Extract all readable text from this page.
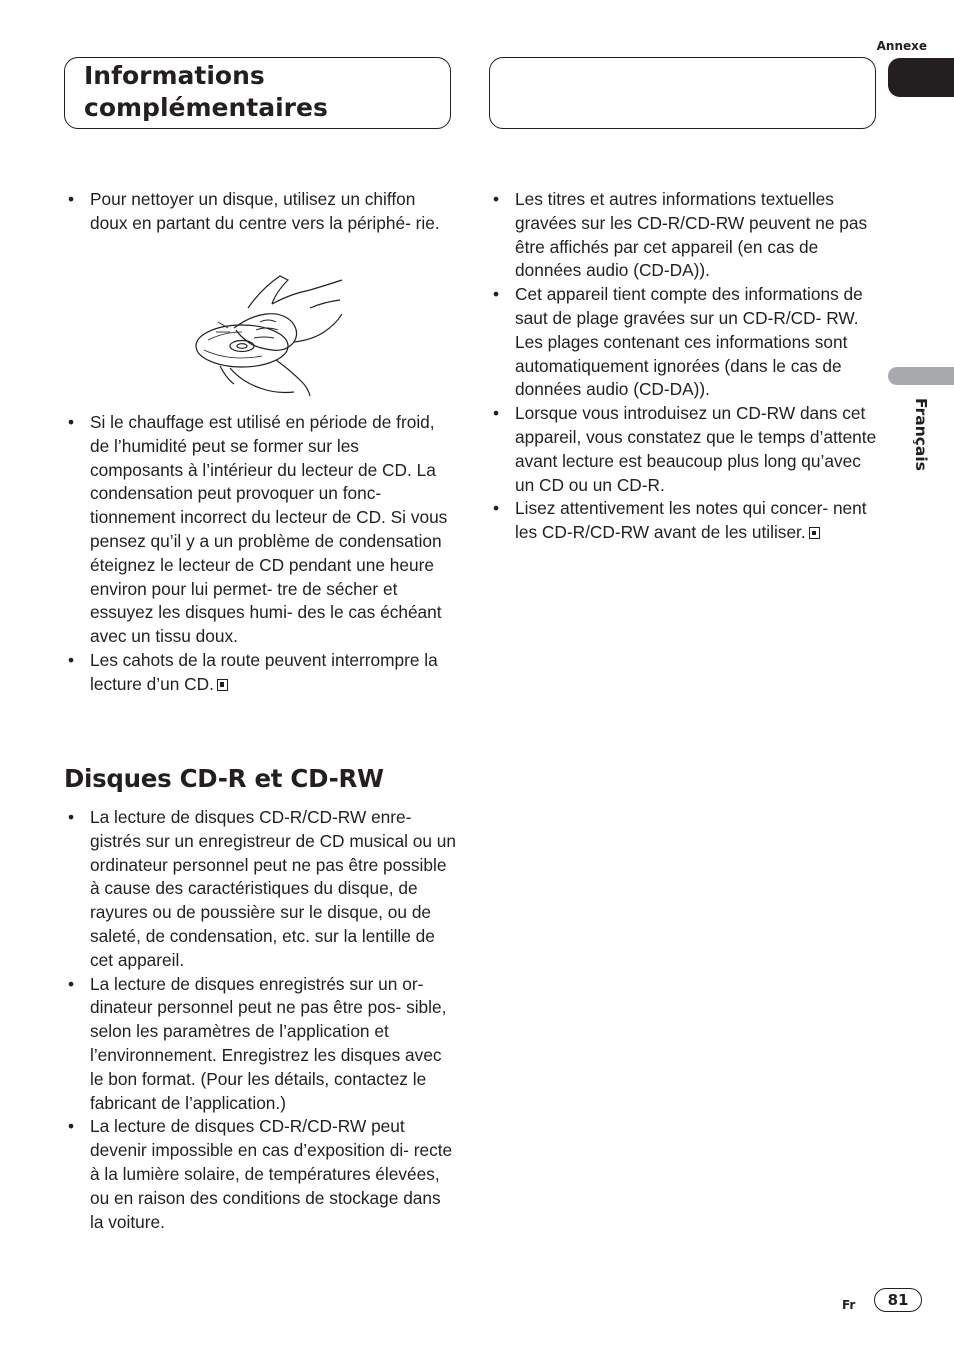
Informations complémentaires
Annexe
Français
• Pour nettoyer un disque, utilisez un chiffon doux en partant du centre vers la périphé- rie.
• Si le chauffage est utilisé en période de froid, de l’humidité peut se former sur les composants à l’intérieur du lecteur de CD. La condensation peut provoquer un fonc- tionnement incorrect du lecteur de CD. Si vous pensez qu’il y a un problème de condensation éteignez le lecteur de CD pendant une heure environ pour lui permet- tre de sécher et essuyez les disques humi- des le cas échéant avec un tissu doux.
• Les cahots de la route peuvent interrompre la lecture d’un CD.
Disques CD-R et CD-RW
• La lecture de disques CD-R/CD-RW enre- gistrés sur un enregistreur de CD musical ou un ordinateur personnel peut ne pas être possible à cause des caractéristiques du disque, de rayures ou de poussière sur le disque, ou de saleté, de condensation, etc. sur la lentille de cet appareil.
• La lecture de disques enregistrés sur un or- dinateur personnel peut ne pas être pos- sible, selon les paramètres de l’application et l’environnement. Enregistrez les disques avec le bon format. (Pour les détails, contactez le fabricant de l’application.)
• La lecture de disques CD-R/CD-RW peut devenir impossible en cas d’exposition di- recte à la lumière solaire, de températures élevées, ou en raison des conditions de stockage dans la voiture.
• Les titres et autres informations textuelles gravées sur les CD-R/CD-RW peuvent ne pas être affichés par cet appareil (en cas de données audio (CD-DA)).
• Cet appareil tient compte des informations de saut de plage gravées sur un CD-R/CD- RW. Les plages contenant ces informations sont automatiquement ignorées (dans le cas de données audio (CD-DA)).
• Lorsque vous introduisez un CD-RW dans cet appareil, vous constatez que le temps d’attente avant lecture est beaucoup plus long qu’avec un CD ou un CD-R.
• Lisez attentivement les notes qui concer- nent les CD-R/CD-RW avant de les utiliser.
Fr	81
